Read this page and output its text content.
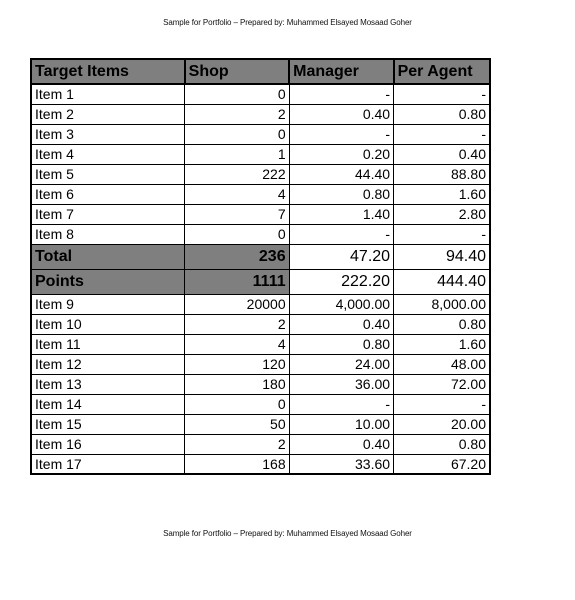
Sample for Portfolio – Prepared by: Muhammed Elsayed Mosaad Goher
Target Items	Shop	Manager	Per Agent
Item 1	0	-	-
Item 2	2	0.40	0.80
Item 3	0	-	-
Item 4	1	0.20	0.40
Item 5	222	44.40	88.80
Item 6	4	0.80	1.60
Item 7	7	1.40	2.80
Item 8	0	-	-
Total	236	47.20	94.40
Points	1111	222.20	444.40
Item 9	20000	4,000.00	8,000.00
Item 10	2	0.40	0.80
Item 11	4	0.80	1.60
Item 12	120	24.00	48.00
Item 13	180	36.00	72.00
Item 14	0	-	-
Item 15	50	10.00	20.00
Item 16	2	0.40	0.80
Item 17	168	33.60	67.20
Sample for Portfolio – Prepared by: Muhammed Elsayed Mosaad Goher
